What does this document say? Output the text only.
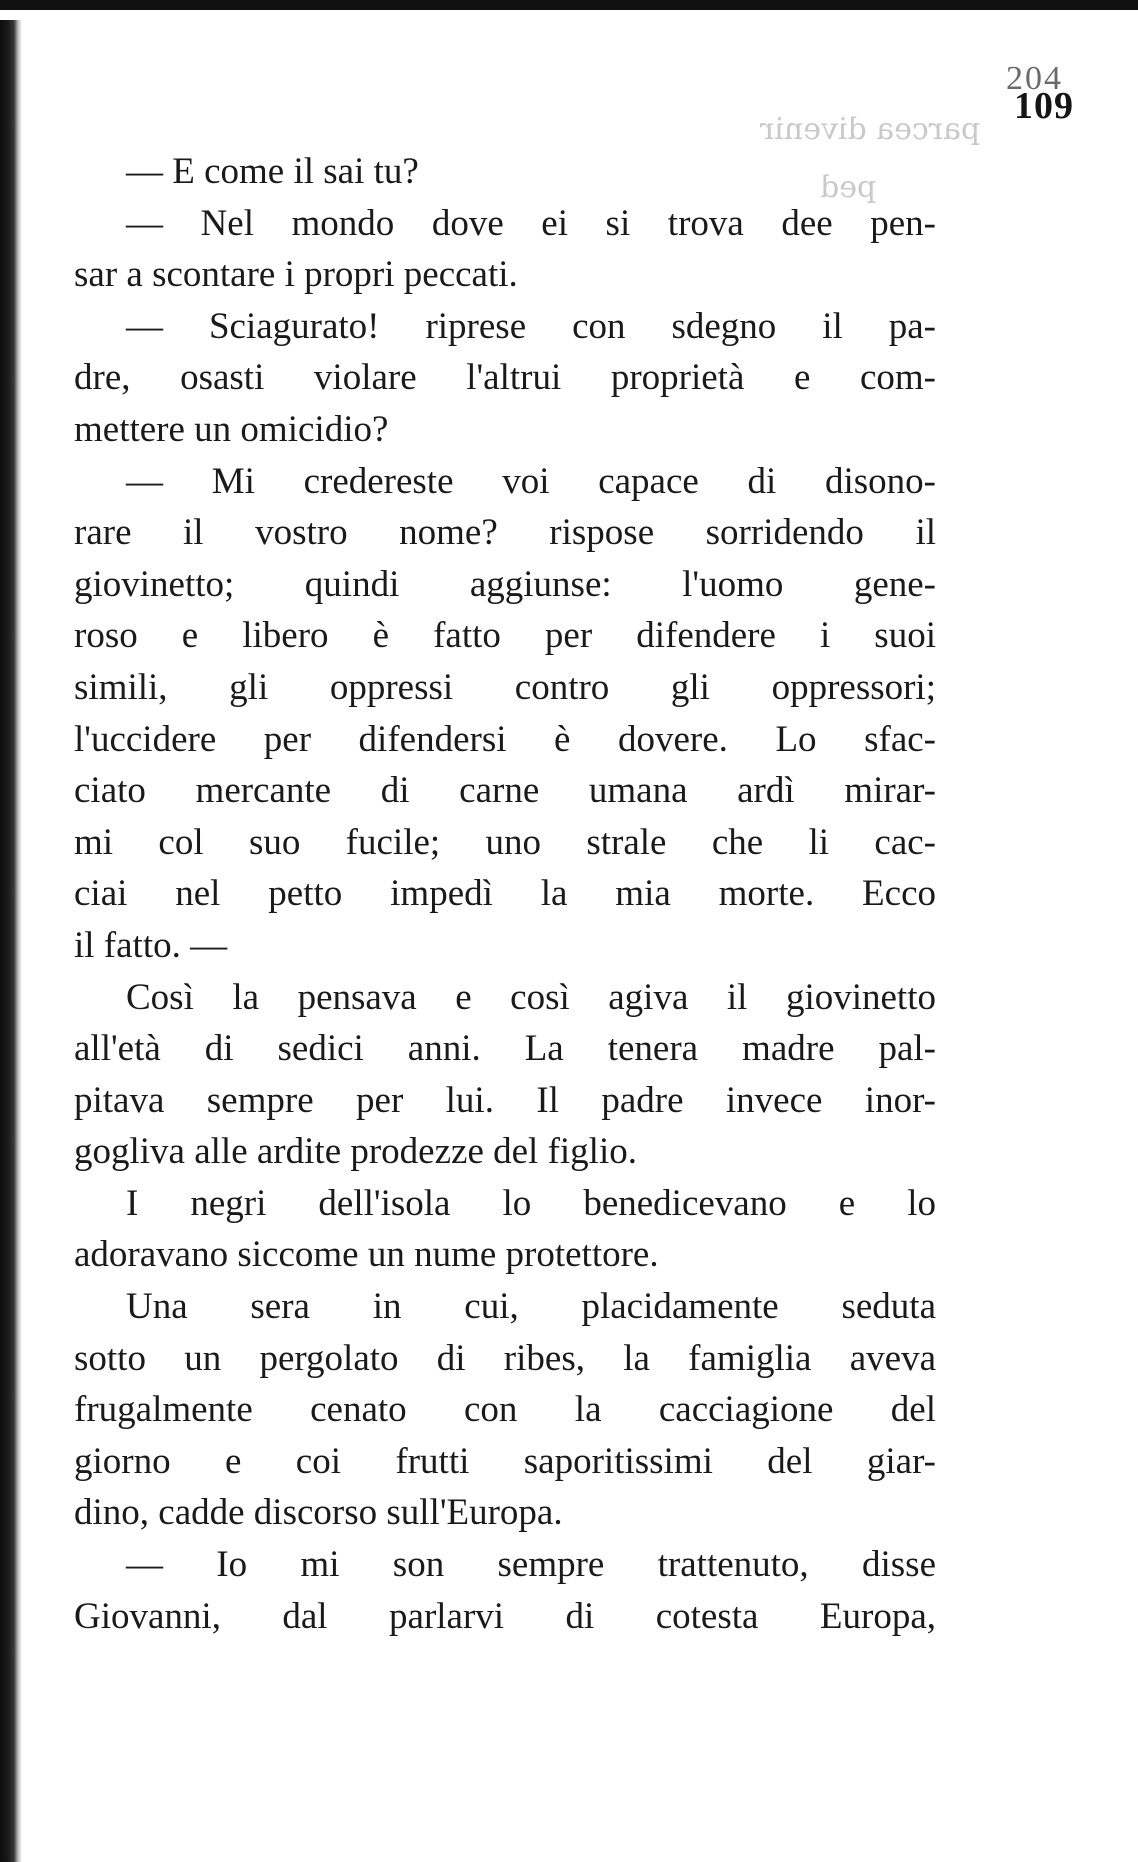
parcea divenir
ped
204
109
— E come il sai tu?
— Nel mondo dove ei si trova dee pen-
sar a scontare i propri peccati.
— Sciagurato! riprese con sdegno il pa-
dre, osasti violare l'altrui proprietà e com-
mettere un omicidio?
— Mi credereste voi capace di disono-
rare il vostro nome? rispose sorridendo il
giovinetto; quindi aggiunse: l'uomo gene-
roso e libero è fatto per difendere i suoi
simili, gli oppressi contro gli oppressori;
l'uccidere per difendersi è dovere. Lo sfac-
ciato mercante di carne umana ardì mirar-
mi col suo fucile; uno strale che li cac-
ciai nel petto impedì la mia morte. Ecco
il fatto. —
Così la pensava e così agiva il giovinetto
all'età di sedici anni. La tenera madre pal-
pitava sempre per lui. Il padre invece inor-
gogliva alle ardite prodezze del figlio.
I negri dell'isola lo benedicevano e lo
adoravano siccome un nume protettore.
Una sera in cui, placidamente seduta
sotto un pergolato di ribes, la famiglia aveva
frugalmente cenato con la cacciagione del
giorno e coi frutti saporitissimi del giar-
dino, cadde discorso sull'Europa.
— Io mi son sempre trattenuto, disse
Giovanni, dal parlarvi di cotesta Europa,
